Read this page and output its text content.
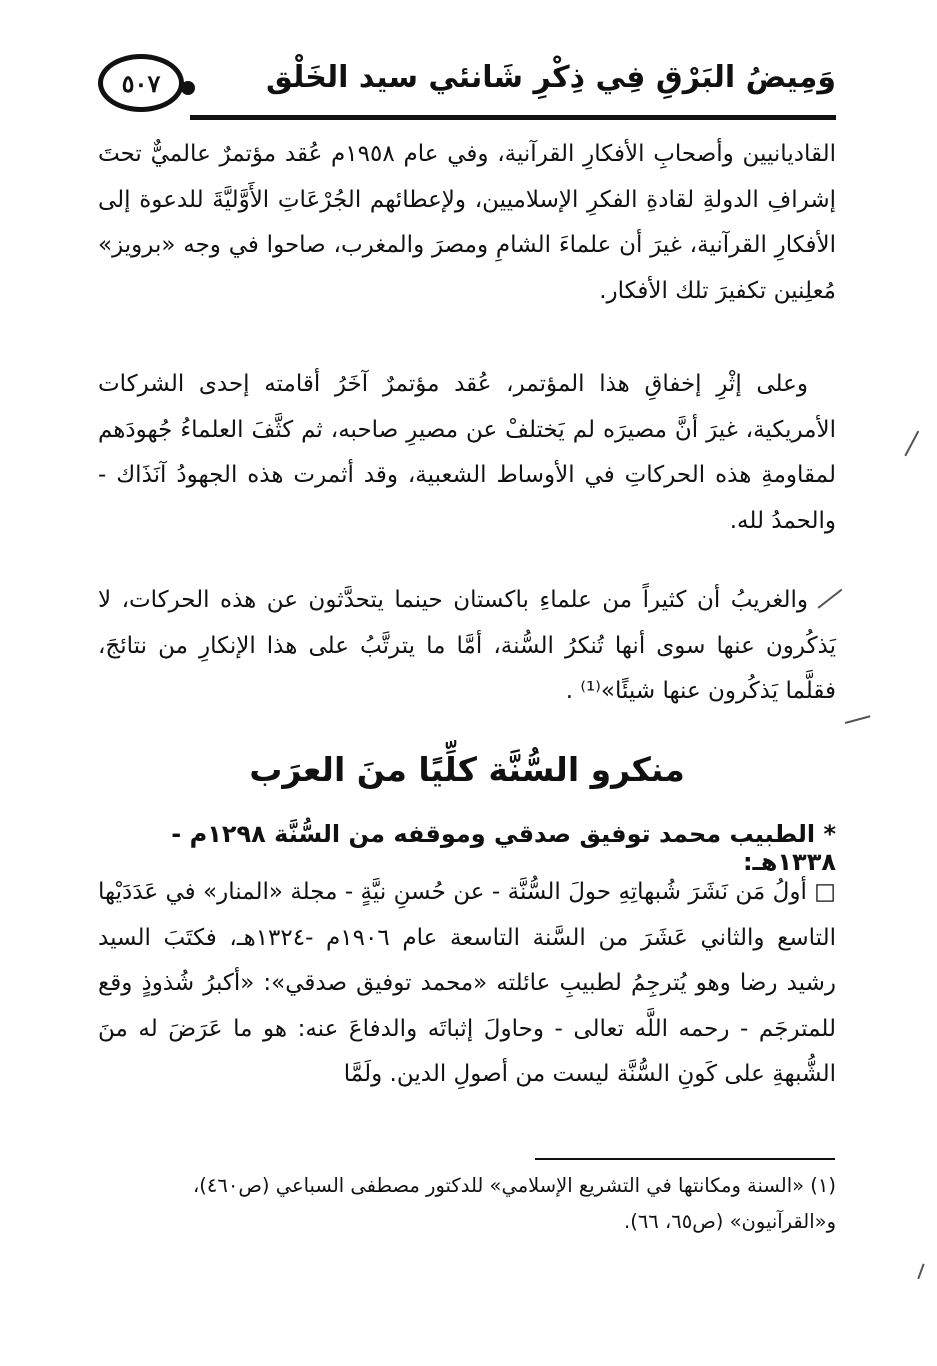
٥٠٧	وَمِيضُ البَرْقِ فِي ذِكْرِ شَانئي سيد الخَلْق

القاديانيين وأصحابِ الأفكارِ القرآنية، وفي عام ١٩٥٨م عُقد مؤتمرٌ عالميٌّ تحتَ إشرافِ الدولةِ لقادةِ الفكرِ الإسلاميين، ولإعطائهم الجُرْعَاتِ الأَوَّليَّةَ للدعوة إلى الأفكارِ القرآنية، غيرَ أن علماءَ الشامِ ومصرَ والمغرب، صاحوا في وجه «برويز» مُعلِنين تكفيرَ تلك الأفكار.

وعلى إثْرِ إخفاقِ هذا المؤتمر، عُقد مؤتمرٌ آخَرُ أقامته إحدى الشركات الأمريكية، غيرَ أنَّ مصيرَه لم يَختلفْ عن مصيرِ صاحبه، ثم كثَّفَ العلماءُ جُهودَهم لمقاومةِ هذه الحركاتِ في الأوساط الشعبية، وقد أثمرت هذه الجهودُ آنَذَاك - والحمدُ لله.

والغريبُ أن كثيراً من علماءِ باكستان حينما يتحدَّثون عن هذه الحركات، لا يَذكُرون عنها سوى أنها تُنكرُ السُّنة، أمَّا ما يترتَّبُ على هذا الإنكارِ من نتائجَ، فقلَّما يَذكُرون عنها شيئًا»⁽¹⁾ .

منكرو السُّنَّة كلِّيًا منَ العرَب
* الطبيب محمد توفيق صدقي وموقفه من السُّنَّة ١٢٩٨م - ١٣٣٨هـ:

□ أولُ مَن نَشَرَ شُبهاتِهِ حولَ السُّنَّة - عن حُسنِ نيَّةٍ - مجلة «المنار» في عَدَدَيْها التاسع والثاني عَشَرَ من السَّنة التاسعة عام ١٩٠٦م -١٣٢٤هـ، فكتَبَ السيد رشيد رضا وهو يُترجِمُ لطبيبِ عائلته «محمد توفيق صدقي»: «أكبرُ شُذوذٍ وقع للمترجَم - رحمه اللَّه تعالى - وحاولَ إثباتَه والدفاعَ عنه: هو ما عَرَضَ له منَ الشُّبهةِ على كَونِ السُّنَّة ليست من أصولِ الدين. ولَمَّا

(١) «السنة ومكانتها في التشريع الإسلامي» للدكتور مصطفى السباعي (ص٤٦٠)،

و«القرآنيون» (ص٦٥، ٦٦).
